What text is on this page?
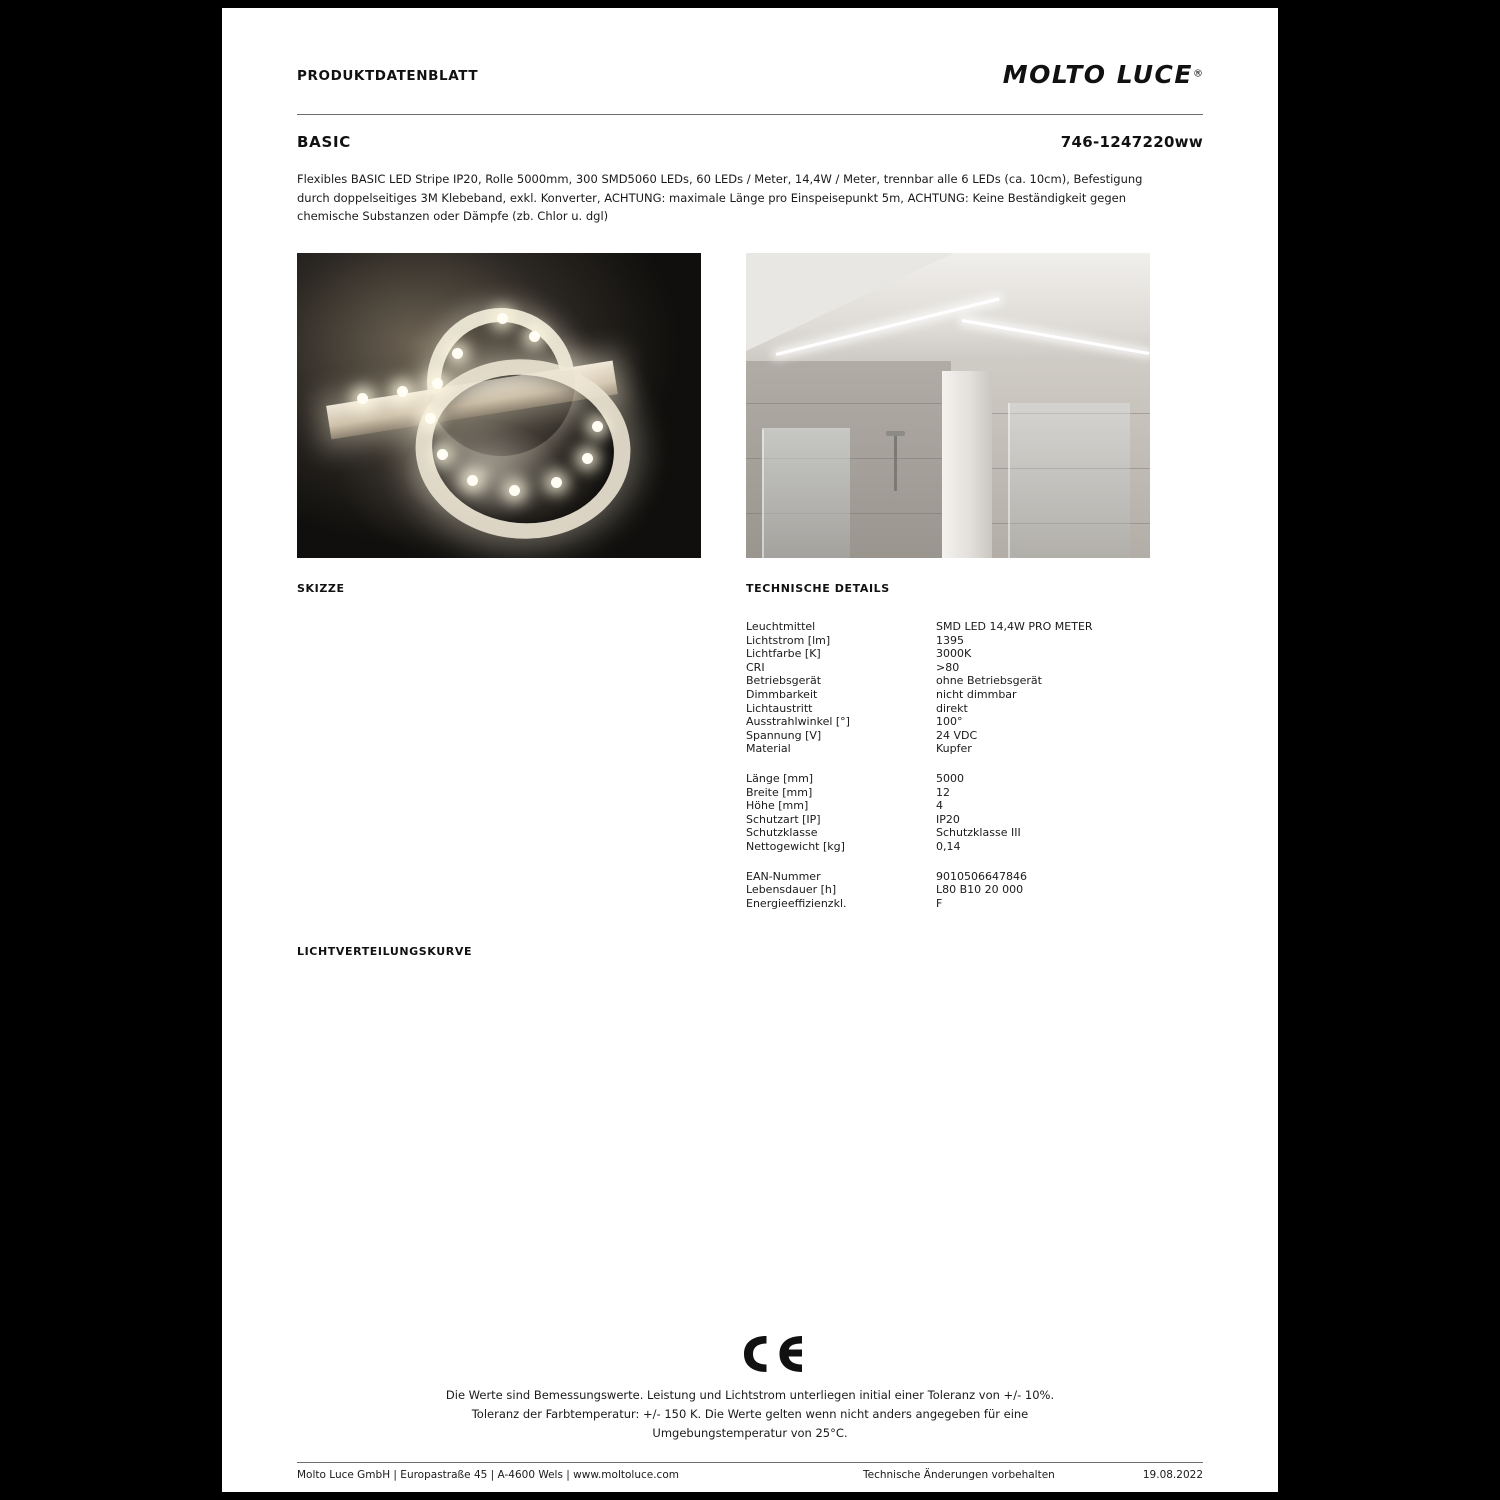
PRODUKTDATENBLATT	MOLTO LUCE®
BASIC	746-1247220ww
Flexibles BASIC LED Stripe IP20, Rolle 5000mm, 300 SMD5060 LEDs, 60 LEDs / Meter, 14,4W / Meter, trennbar alle 6 LEDs (ca. 10cm), Befestigung durch doppelseitiges 3M Klebeband, exkl. Konverter, ACHTUNG: maximale Länge pro Einspeisepunkt 5m, ACHTUNG: Keine Beständigkeit gegen chemische Substanzen oder Dämpfe (zb. Chlor u. dgl)
SKIZZE	TECHNISCHE DETAILS
LICHTVERTEILUNGSKURVE
Leuchtmittel	SMD LED 14,4W PRO METER
Lichtstrom [lm]	1395
Lichtfarbe [K]	3000K
CRI	>80
Betriebsgerät	ohne Betriebsgerät
Dimmbarkeit	nicht dimmbar
Lichtaustritt	direkt
Ausstrahlwinkel [°]	100°
Spannung [V]	24 VDC
Material	Kupfer
Länge [mm]	5000
Breite [mm]	12
Höhe [mm]	4
Schutzart [IP]	IP20
Schutzklasse	Schutzklasse III
Nettogewicht [kg]	0,14
EAN-Nummer	9010506647846
Lebensdauer [h]	L80 B10 20 000
Energieeffizienzkl.	F
Die Werte sind Bemessungswerte. Leistung und Lichtstrom unterliegen initial einer Toleranz von +/- 10%.
Toleranz der Farbtemperatur: +/- 150 K. Die Werte gelten wenn nicht anders angegeben für eine
Umgebungstemperatur von 25°C.
Molto Luce GmbH | Europastraße 45 | A-4600 Wels | www.moltoluce.com	Technische Änderungen vorbehalten	19.08.2022
